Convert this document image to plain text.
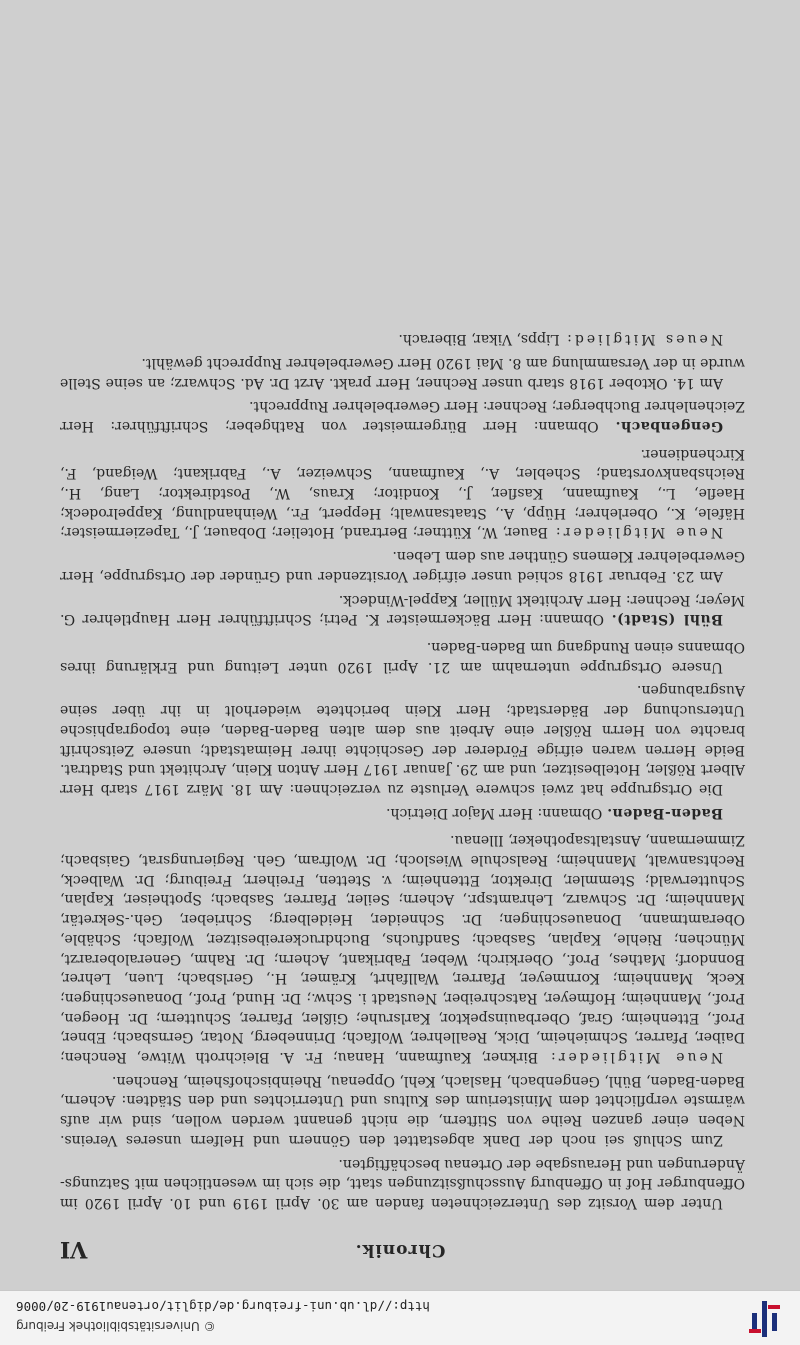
Chronik.
VI

Unter dem Vorsitz des Unterzeichneten fanden am 30. April 1919 und 10. April 1920 im Offenburger Hof in Offenburg Ausschußsitzungen statt, die sich im wesentlichen mit Satzungs-Änderungen und Herausgabe der Ortenau beschäftigten.

Zum Schluß sei noch der Dank abgestattet den Gönnern und Helfern unseres Vereins. Neben einer ganzen Reihe von Stiftern, die nicht genannt werden wollen, sind wir aufs wärmste verpflichtet dem Ministerium des Kultus und Unterrichtes und den Städten: Achern, Baden-Baden, Bühl, Gengenbach, Haslach, Kehl, Oppenau, Rheinbischofsheim, Renchen.

Neue Mitglieder: Birkner, Kaufmann, Hanau; Fr. A. Bleichroth Witwe, Renchen; Daiber, Pfarrer, Schmieheim, Dick, Reallehrer, Wolfach; Drinneberg, Notar, Gernsbach; Ebner, Prof., Ettenheim; Graf, Oberbauinspektor, Karlsruhe; Gißler, Pfarrer, Schuttern; Dr. Hoegen, Prof., Mannheim; Hofmeyer, Ratschreiber, Neustadt i. Schw.; Dr. Hund, Prof., Donaueschingen; Keck, Mannheim; Kornmeyer, Pfarrer, Wallfahrt, Krämer, H., Gerlsbach; Luen, Lehrer, Bonndorf; Mathes, Prof., Oberkirch; Weber, Fabrikant, Achern; Dr. Rahm, Generaloberarzt, München; Riehle, Kaplan, Sasbach; Sandfuchs, Buchdruckereibesitzer, Wolfach; Schäble, Oberamtmann, Donaueschingen; Dr. Schneider, Heidelberg; Schrieber, Geh.-Sekretär, Mannheim; Dr. Schwarz, Lehramtspr., Achern; Seiler, Pfarrer, Sasbach; Spotheiser, Kaplan, Schutterwald; Stemmler, Direktor, Ettenheim; v. Stetten, Freiherr, Freiburg; Dr. Walbeck, Rechtsanwalt, Mannheim; Realschule Wiesloch; Dr. Wolfram, Geh. Regierungsrat, Gaisbach; Zimmermann, Anstaltsapotheker, Illenau.

Baden-Baden. Obmann: Herr Major Dietrich.

Die Ortsgruppe hat zwei schwere Verluste zu verzeichnen: Am 18. März 1917 starb Herr Albert Rößler, Hotelbesitzer, und am 29. Januar 1917 Herr Anton Klein, Architekt und Stadtrat. Beide Herren waren eifrige Förderer der Geschichte ihrer Heimatstadt; unsere Zeitschrift brachte von Herrn Rößler eine Arbeit aus dem alten Baden-Baden, eine topographische Untersuchung der Bäderstadt; Herr Klein berichtete wiederholt in ihr über seine Ausgrabungen.

Unsere Ortsgruppe unternahm am 21. April 1920 unter Leitung und Erklärung ihres Obmanns einen Rundgang um Baden-Baden.

Bühl (Stadt). Obmann: Herr Bäckermeister K. Petri; Schriftführer Herr Hauptlehrer G. Meyer; Rechner: Herr Architekt Müller, Kappel-Windeck.

Am 23. Februar 1918 schied unser eifriger Vorsitzender und Gründer der Ortsgruppe, Herr Gewerbelehrer Klemens Günther aus dem Leben.

Neue Mitglieder: Bauer, W., Küttner; Bertrand, Hotelier; Dobauer, J., Tapeziermeister; Häfele, K., Oberlehrer; Hüpp, A., Staatsanwalt; Heppert, Fr., Weinhandlung, Kappelrodeck; Haefle, L., Kaufmann, Kasfler, J., Konditor; Kraus, W., Postdirektor; Lang, H., Reichsbankvorstand; Schebler, A., Kaufmann, Schweizer, A., Fabrikant; Weigand, F., Kirchendiener.

Gengenbach. Obmann: Herr Bürgermeister von Rathgeber; Schriftführer: Herr Zeichenlehrer Buchberger; Rechner: Herr Gewerbelehrer Rupprecht.

Am 14. Oktober 1918 starb unser Rechner, Herr prakt. Arzt Dr. Ad. Schwarz; an seine Stelle wurde in der Versammlung am 8. Mai 1920 Herr Gewerbelehrer Rupprecht gewählt.

Neues Mitglied: Lipps, Vikar, Biberach.

http://dl.ub.uni-freiburg.de/diglit/ortenau1919-20/0006
© Universitätsbibliothek Freiburg
